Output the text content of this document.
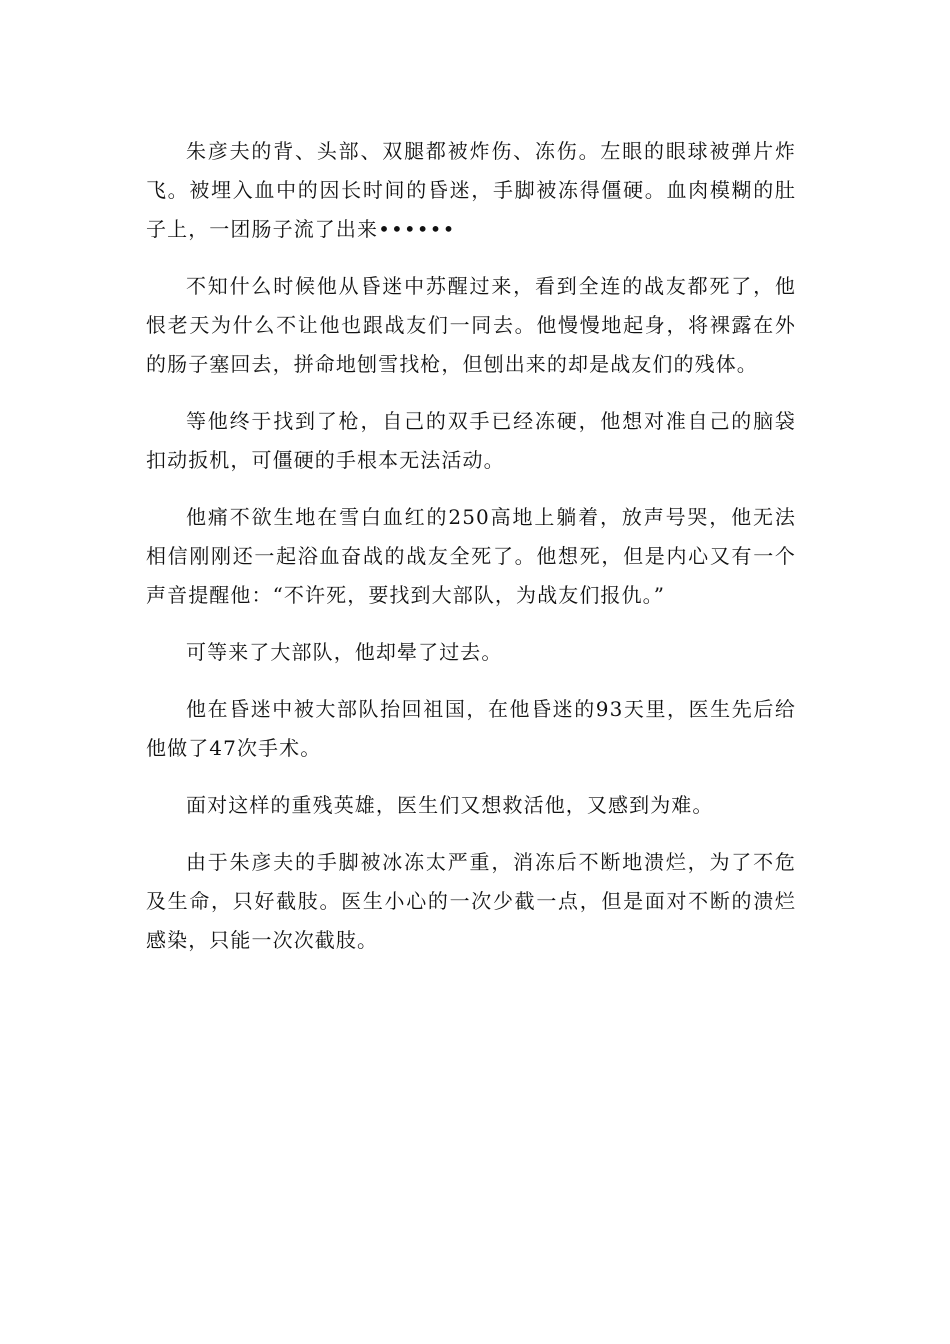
朱彦夫的背、头部、双腿都被炸伤、冻伤。左眼的眼球被弹片炸飞。被埋入血中的因长时间的昏迷，手脚被冻得僵硬。血肉模糊的肚子上，一团肠子流了出来••••••

不知什么时候他从昏迷中苏醒过来，看到全连的战友都死了，他恨老天为什么不让他也跟战友们一同去。他慢慢地起身，将裸露在外的肠子塞回去，拼命地刨雪找枪，但刨出来的却是战友们的残体。

等他终于找到了枪，自己的双手已经冻硬，他想对准自己的脑袋扣动扳机，可僵硬的手根本无法活动。

他痛不欲生地在雪白血红的250高地上躺着，放声号哭，他无法相信刚刚还一起浴血奋战的战友全死了。他想死，但是内心又有一个声音提醒他：“不许死，要找到大部队，为战友们报仇。”

可等来了大部队，他却晕了过去。

他在昏迷中被大部队抬回祖国，在他昏迷的93天里，医生先后给他做了47次手术。

面对这样的重残英雄，医生们又想救活他，又感到为难。

由于朱彦夫的手脚被冰冻太严重，消冻后不断地溃烂，为了不危及生命，只好截肢。医生小心的一次少截一点，但是面对不断的溃烂感染，只能一次次截肢。
